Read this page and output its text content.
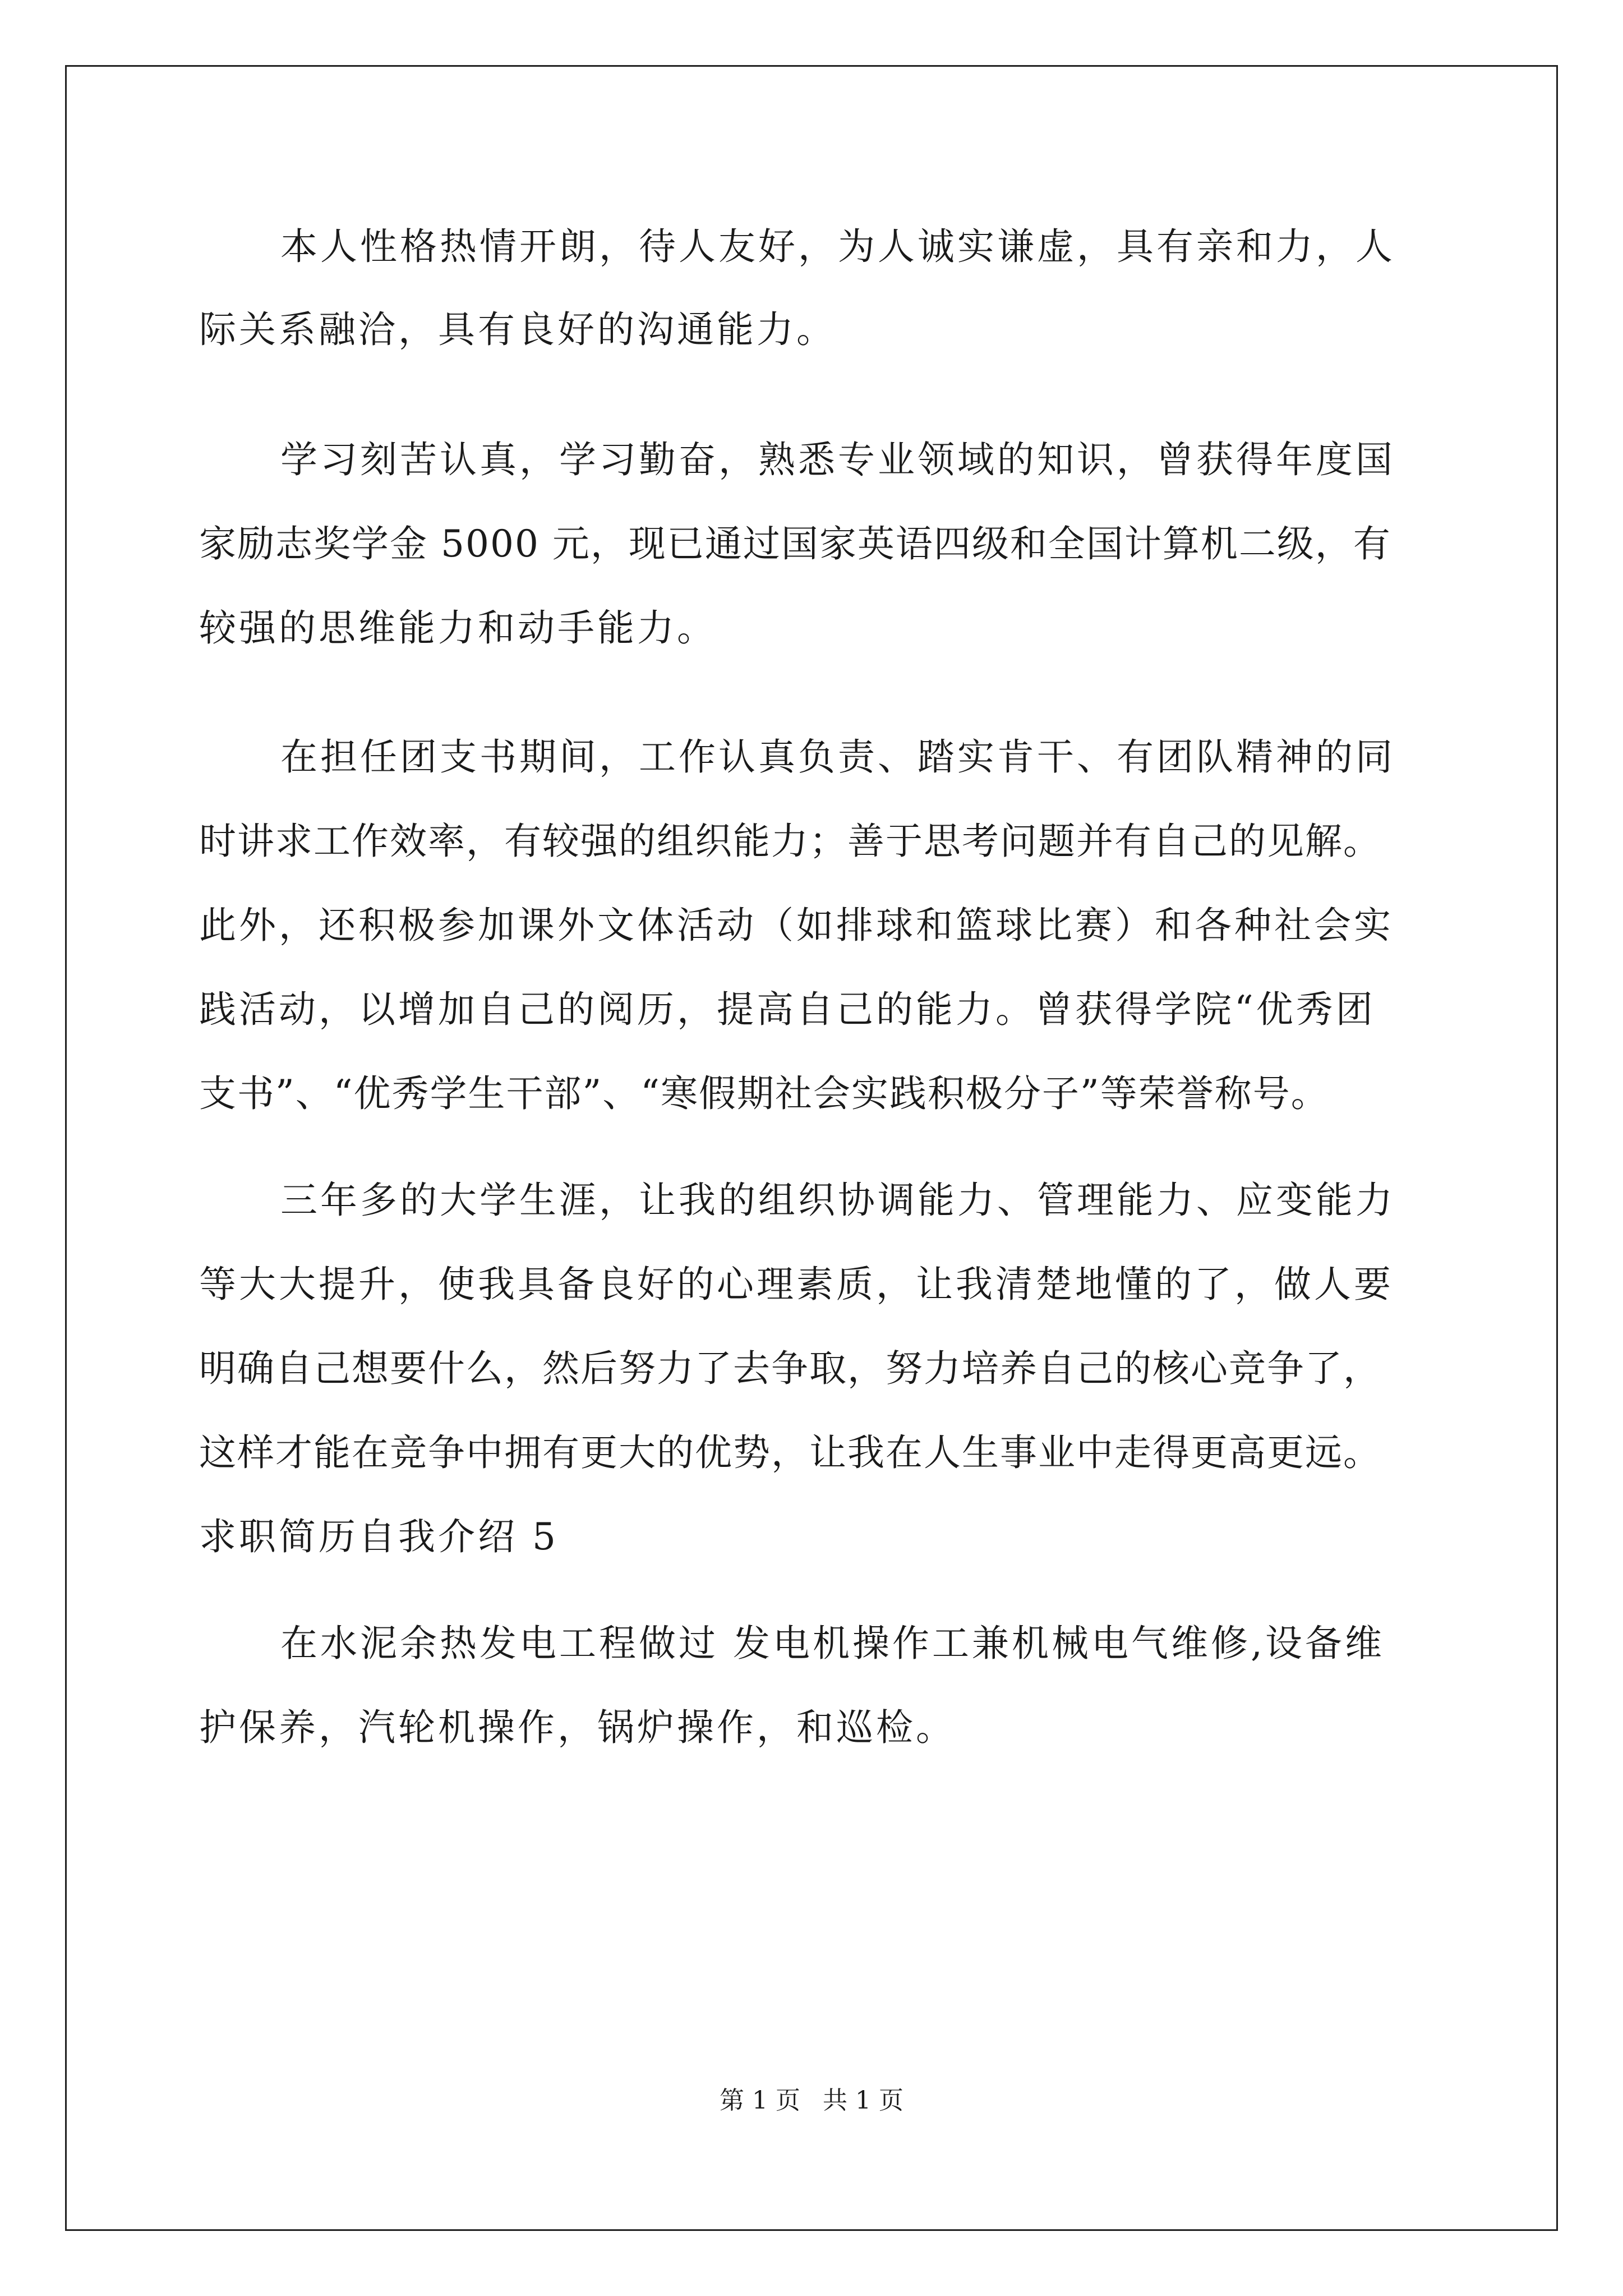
本人性格热情开朗，待人友好，为人诚实谦虚，具有亲和力，人
际关系融洽，具有良好的沟通能力。
学习刻苦认真，学习勤奋，熟悉专业领域的知识，曾获得年度国
家励志奖学金 5000 元，现已通过国家英语四级和全国计算机二级，有
较强的思维能力和动手能力。
在担任团支书期间，工作认真负责、踏实肯干、有团队精神的同
时讲求工作效率，有较强的组织能力；善于思考问题并有自己的见解。
此外，还积极参加课外文体活动（如排球和篮球比赛）和各种社会实
践活动，以增加自己的阅历，提高自己的能力。曾获得学院“优秀团
支书”、“优秀学生干部”、“寒假期社会实践积极分子”等荣誉称号。
三年多的大学生涯，让我的组织协调能力、管理能力、应变能力
等大大提升，使我具备良好的心理素质，让我清楚地懂的了，做人要
明确自己想要什么，然后努力了去争取，努力培养自己的核心竞争了，
这样才能在竞争中拥有更大的优势，让我在人生事业中走得更高更远。
求职简历自我介绍 5
在水泥余热发电工程做过 发电机操作工兼机械电气维修,设备维
护保养，汽轮机操作，锅炉操作，和巡检。
第 1 页 共 1 页
